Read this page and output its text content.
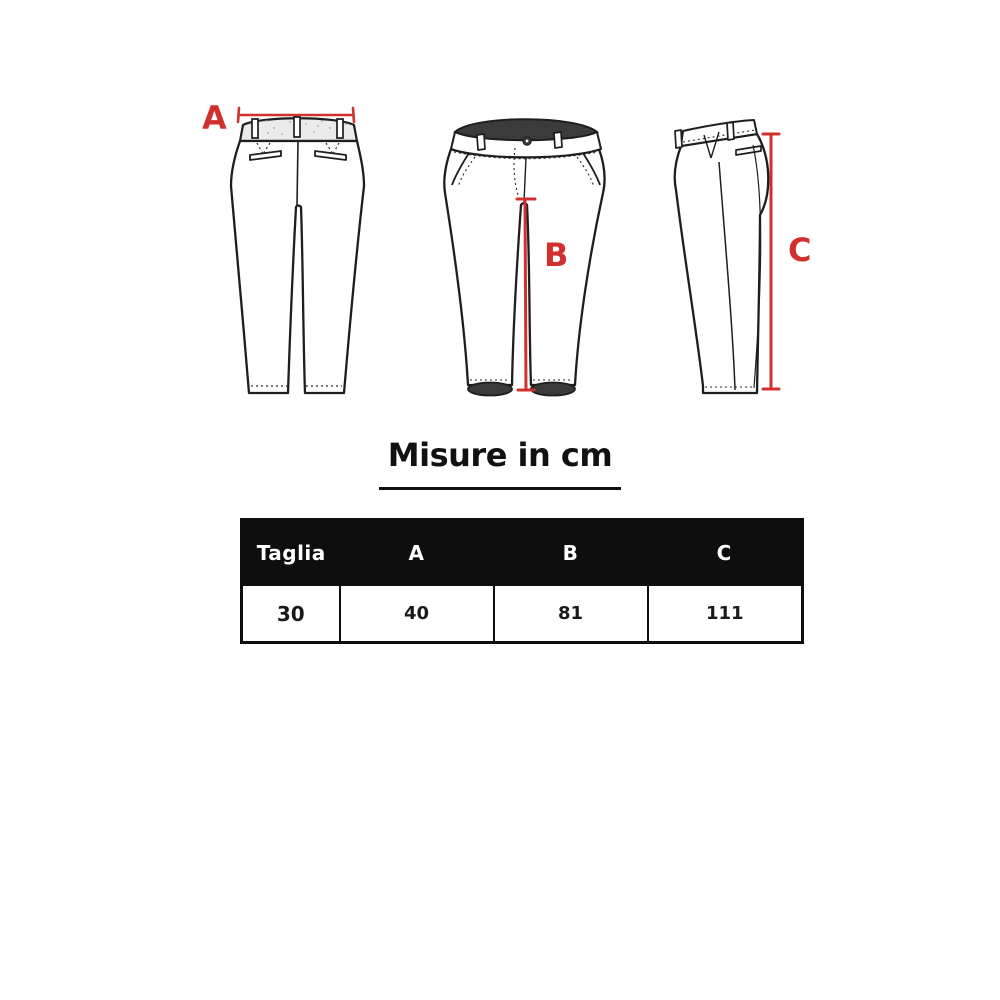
A
B	C
Misure in cm
Taglia	A	B	C
30	40	81	111
